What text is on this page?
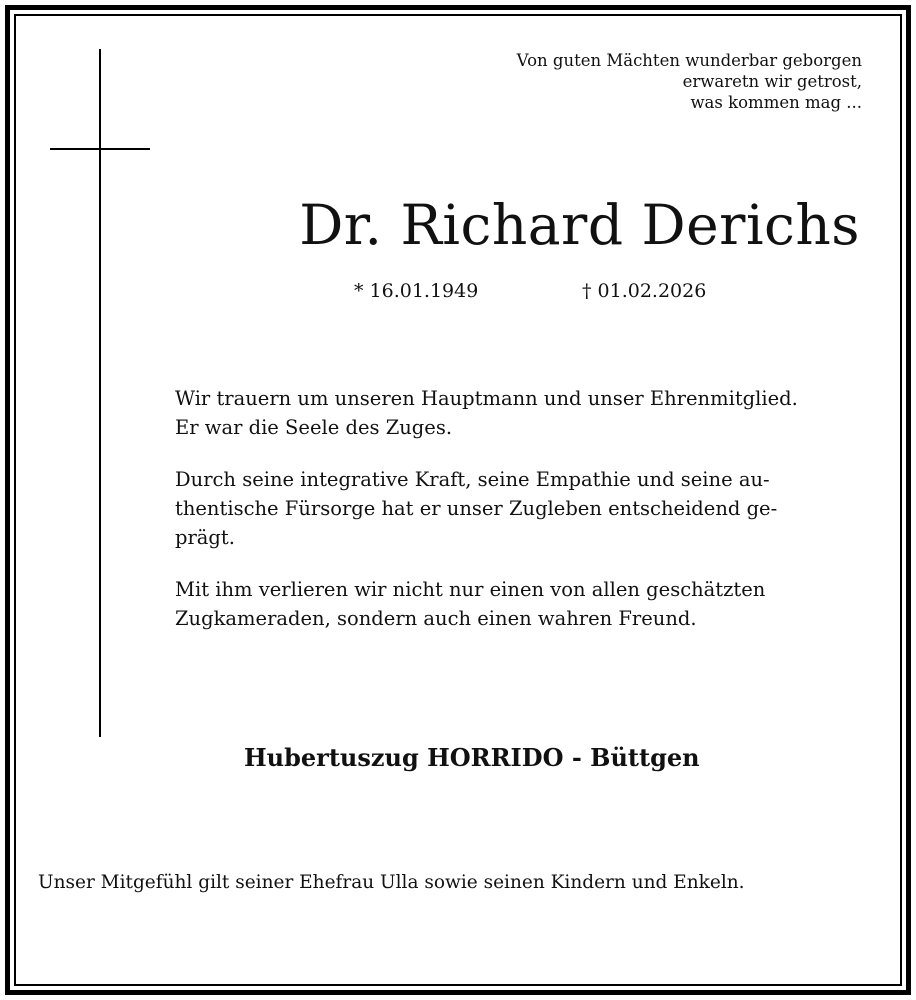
Von guten Mächten wunderbar geborgen
erwaretn wir getrost,
was kommen mag ...
Dr. Richard Derichs
* 16.01.1949	† 01.02.2026

Wir trauern um unseren Hauptmann und unser Ehrenmitglied.
Er war die Seele des Zuges.

Durch seine integrative Kraft, seine Empathie und seine au-
thentische Fürsorge hat er unser Zugleben entscheidend ge-
prägt.

Mit ihm verlieren wir nicht nur einen von allen geschätzten
Zugkameraden, sondern auch einen wahren Freund.

Hubertuszug HORRIDO - Büttgen
Unser Mitgefühl gilt seiner Ehefrau Ulla sowie seinen Kindern und Enkeln.
